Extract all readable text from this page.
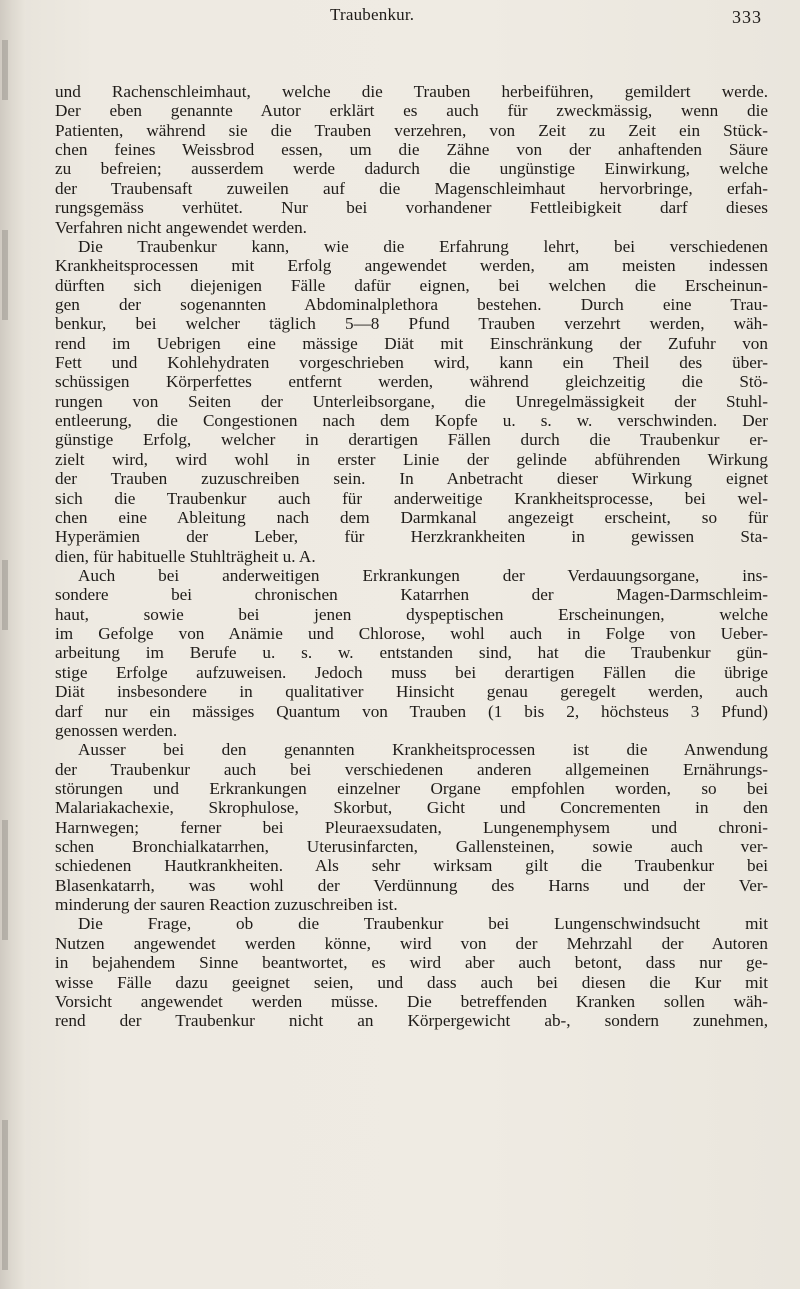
Traubenkur.	333
und Rachenschleimhaut, welche die Trauben herbeiführen, gemildert werde.
Der eben genannte Autor erklärt es auch für zweckmässig, wenn die
Patienten, während sie die Trauben verzehren, von Zeit zu Zeit ein Stück-
chen feines Weissbrod essen, um die Zähne von der anhaftenden Säure
zu befreien; ausserdem werde dadurch die ungünstige Einwirkung, welche
der Traubensaft zuweilen auf die Magenschleimhaut hervorbringe, erfah-
rungsgemäss verhütet. Nur bei vorhandener Fettleibigkeit darf dieses
Verfahren nicht angewendet werden.
Die Traubenkur kann, wie die Erfahrung lehrt, bei verschiedenen
Krankheitsprocessen mit Erfolg angewendet werden, am meisten indessen
dürften sich diejenigen Fälle dafür eignen, bei welchen die Erscheinun-
gen der sogenannten Abdominalplethora bestehen. Durch eine Trau-
benkur, bei welcher täglich 5—8 Pfund Trauben verzehrt werden, wäh-
rend im Uebrigen eine mässige Diät mit Einschränkung der Zufuhr von
Fett und Kohlehydraten vorgeschrieben wird, kann ein Theil des über-
schüssigen Körperfettes entfernt werden, während gleichzeitig die Stö-
rungen von Seiten der Unterleibsorgane, die Unregelmässigkeit der Stuhl-
entleerung, die Congestionen nach dem Kopfe u. s. w. verschwinden. Der
günstige Erfolg, welcher in derartigen Fällen durch die Traubenkur er-
zielt wird, wird wohl in erster Linie der gelinde abführenden Wirkung
der Trauben zuzuschreiben sein. In Anbetracht dieser Wirkung eignet
sich die Traubenkur auch für anderweitige Krankheitsprocesse, bei wel-
chen eine Ableitung nach dem Darmkanal angezeigt erscheint, so für
Hyperämien der Leber, für Herzkrankheiten in gewissen Sta-
dien, für habituelle Stuhlträgheit u. A.
Auch bei anderweitigen Erkrankungen der Verdauungsorgane, ins-
sondere bei chronischen Katarrhen der Magen-Darmschleim-
haut, sowie bei jenen dyspeptischen Erscheinungen, welche
im Gefolge von Anämie und Chlorose, wohl auch in Folge von Ueber-
arbeitung im Berufe u. s. w. entstanden sind, hat die Traubenkur gün-
stige Erfolge aufzuweisen. Jedoch muss bei derartigen Fällen die übrige
Diät insbesondere in qualitativer Hinsicht genau geregelt werden, auch
darf nur ein mässiges Quantum von Trauben (1 bis 2, höchsteus 3 Pfund)
genossen werden.
Ausser bei den genannten Krankheitsprocessen ist die Anwendung
der Traubenkur auch bei verschiedenen anderen allgemeinen Ernährungs-
störungen und Erkrankungen einzelner Organe empfohlen worden, so bei
Malariakachexie, Skrophulose, Skorbut, Gicht und Concrementen in den
Harnwegen; ferner bei Pleuraexsudaten, Lungenemphysem und chroni-
schen Bronchialkatarrhen, Uterusinfarcten, Gallensteinen, sowie auch ver-
schiedenen Hautkrankheiten. Als sehr wirksam gilt die Traubenkur bei
Blasenkatarrh, was wohl der Verdünnung des Harns und der Ver-
minderung der sauren Reaction zuzuschreiben ist.
Die Frage, ob die Traubenkur bei Lungenschwindsucht mit
Nutzen angewendet werden könne, wird von der Mehrzahl der Autoren
in bejahendem Sinne beantwortet, es wird aber auch betont, dass nur ge-
wisse Fälle dazu geeignet seien, und dass auch bei diesen die Kur mit
Vorsicht angewendet werden müsse. Die betreffenden Kranken sollen wäh-
rend der Traubenkur nicht an Körpergewicht ab-, sondern zunehmen,
